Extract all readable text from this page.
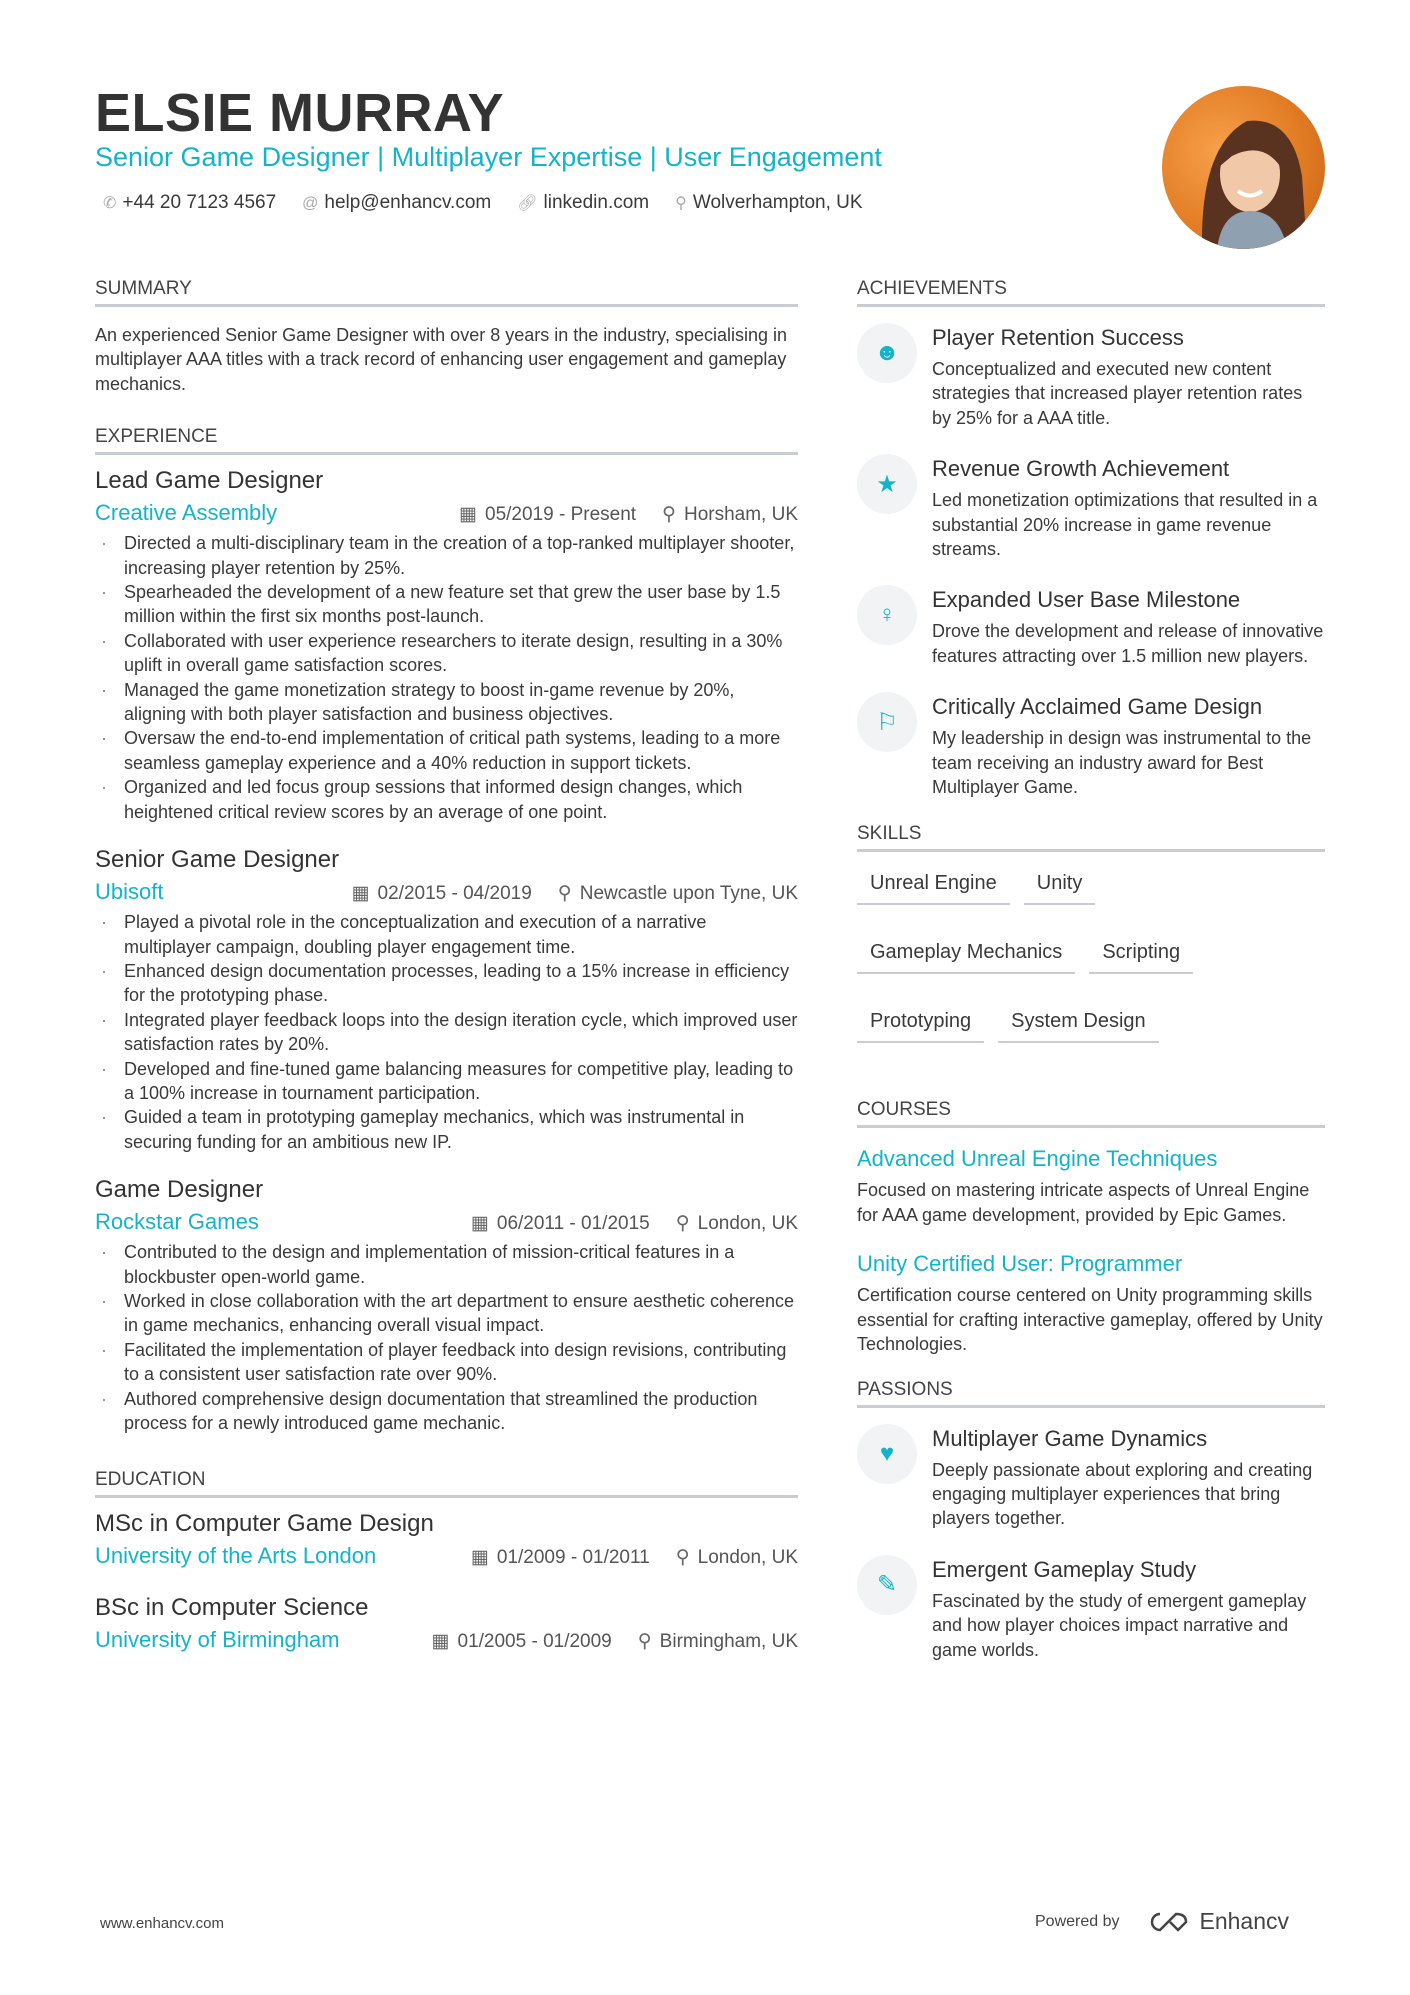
ELSIE MURRAY
Senior Game Designer | Multiplayer Expertise | User Engagement
✆ +44 20 7123 4567 @ help@enhancv.com 🔗︎ linkedin.com ⚲ Wolverhampton, UK
SUMMARY

An experienced Senior Game Designer with over 8 years in the industry, specialising in multiplayer AAA titles with a track record of enhancing user engagement and gameplay mechanics.

EXPERIENCE
Lead Game Designer
Creative Assembly	▦ 05/2019 - Present ⚲ Horsham, UK
· Directed a multi-disciplinary team in the creation of a top-ranked multiplayer shooter, increasing player retention by 25%.
· Spearheaded the development of a new feature set that grew the user base by 1.5 million within the first six months post-launch.
· Collaborated with user experience researchers to iterate design, resulting in a 30% uplift in overall game satisfaction scores.
· Managed the game monetization strategy to boost in-game revenue by 20%, aligning with both player satisfaction and business objectives.
· Oversaw the end-to-end implementation of critical path systems, leading to a more seamless gameplay experience and a 40% reduction in support tickets.
· Organized and led focus group sessions that informed design changes, which heightened critical review scores by an average of one point.
Senior Game Designer
Ubisoft	▦ 02/2015 - 04/2019 ⚲ Newcastle upon Tyne, UK
· Played a pivotal role in the conceptualization and execution of a narrative multiplayer campaign, doubling player engagement time.
· Enhanced design documentation processes, leading to a 15% increase in efficiency for the prototyping phase.
· Integrated player feedback loops into the design iteration cycle, which improved user satisfaction rates by 20%.
· Developed and fine-tuned game balancing measures for competitive play, leading to a 100% increase in tournament participation.
· Guided a team in prototyping gameplay mechanics, which was instrumental in securing funding for an ambitious new IP.
Game Designer
Rockstar Games	▦ 06/2011 - 01/2015 ⚲ London, UK
· Contributed to the design and implementation of mission-critical features in a blockbuster open-world game.
· Worked in close collaboration with the art department to ensure aesthetic coherence in game mechanics, enhancing overall visual impact.
· Facilitated the implementation of player feedback into design revisions, contributing to a consistent user satisfaction rate over 90%.
· Authored comprehensive design documentation that streamlined the production process for a newly introduced game mechanic.
EDUCATION
MSc in Computer Game Design
University of the Arts London	▦ 01/2009 - 01/2011 ⚲ London, UK
BSc in Computer Science
University of Birmingham	▦ 01/2005 - 01/2009 ⚲ Birmingham, UK
ACHIEVEMENTS
☻
Player Retention Success
Conceptualized and executed new content strategies that increased player retention rates by 25% for a AAA title.
★
Revenue Growth Achievement
Led monetization optimizations that resulted in a substantial 20% increase in game revenue streams.
♀
Expanded User Base Milestone
Drove the development and release of innovative features attracting over 1.5 million new players.
⚐
Critically Acclaimed Game Design
My leadership in design was instrumental to the team receiving an industry award for Best Multiplayer Game.
SKILLS
Unreal Engine	Unity
Gameplay Mechanics	Scripting
Prototyping	System Design
COURSES
Advanced Unreal Engine Techniques
Focused on mastering intricate aspects of Unreal Engine for AAA game development, provided by Epic Games.
Unity Certified User: Programmer
Certification course centered on Unity programming skills essential for crafting interactive gameplay, offered by Unity Technologies.
PASSIONS
♥
Multiplayer Game Dynamics
Deeply passionate about exploring and creating engaging multiplayer experiences that bring players together.
✎
Emergent Gameplay Study
Fascinated by the study of emergent gameplay and how player choices impact narrative and game worlds.
www.enhancv.com	Powered by	Enhancv
